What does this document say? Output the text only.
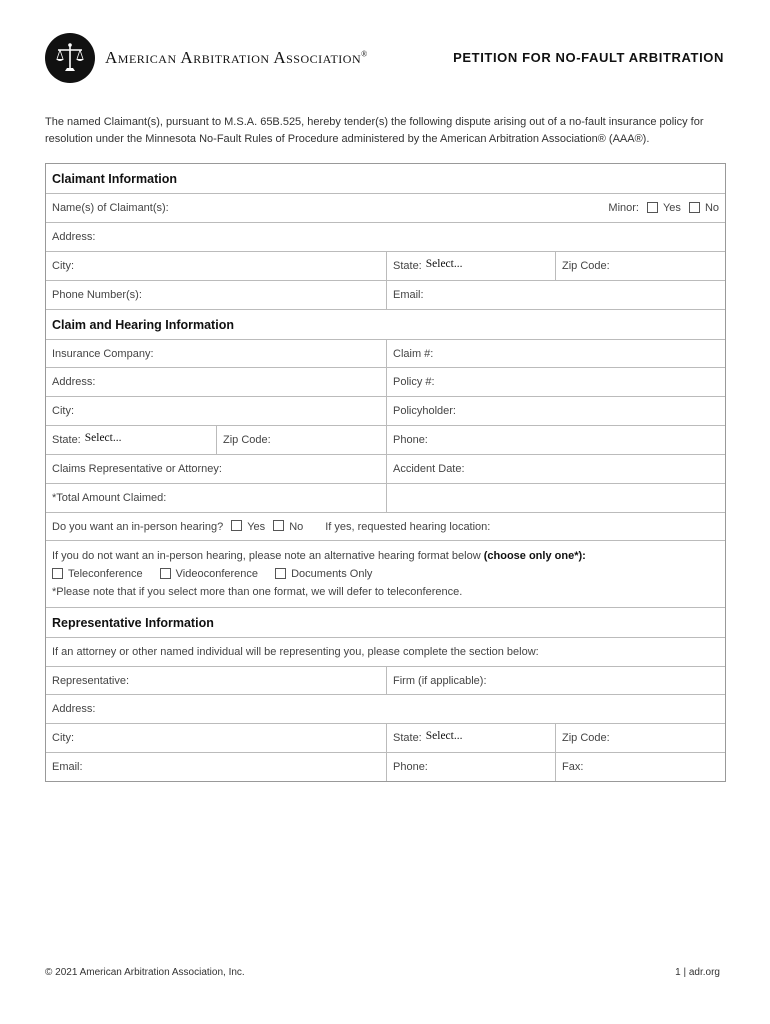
American Arbitration Association®	PETITION FOR NO-FAULT ARBITRATION
The named Claimant(s), pursuant to M.S.A. 65B.525, hereby tender(s) the following dispute arising out of a no-fault insurance policy for resolution under the Minnesota No-Fault Rules of Procedure administered by the American Arbitration Association® (AAA®).
Claimant Information
Name(s) of Claimant(s):	Minor: Yes No
Address:
City:	State: Select...	Zip Code:
Phone Number(s):	Email:
Claim and Hearing Information
Insurance Company:	Claim #:
Address:	Policy #:
City:	Policyholder:
State: Select...	Zip Code:	Phone:
Claims Representative or Attorney:	Accident Date:
*Total Amount Claimed:
Do you want an in-person hearing? Yes No If yes, requested hearing location:
If you do not want an in-person hearing, please note an alternative hearing format below (choose only one*):
Teleconference	Videoconference	Documents Only
*Please note that if you select more than one format, we will defer to teleconference.
Representative Information
If an attorney or other named individual will be representing you, please complete the section below:
Representative:	Firm (if applicable):
Address:
City:	State: Select...	Zip Code:
Email:	Phone:	Fax:
© 2021 American Arbitration Association, Inc.	1 | adr.org
